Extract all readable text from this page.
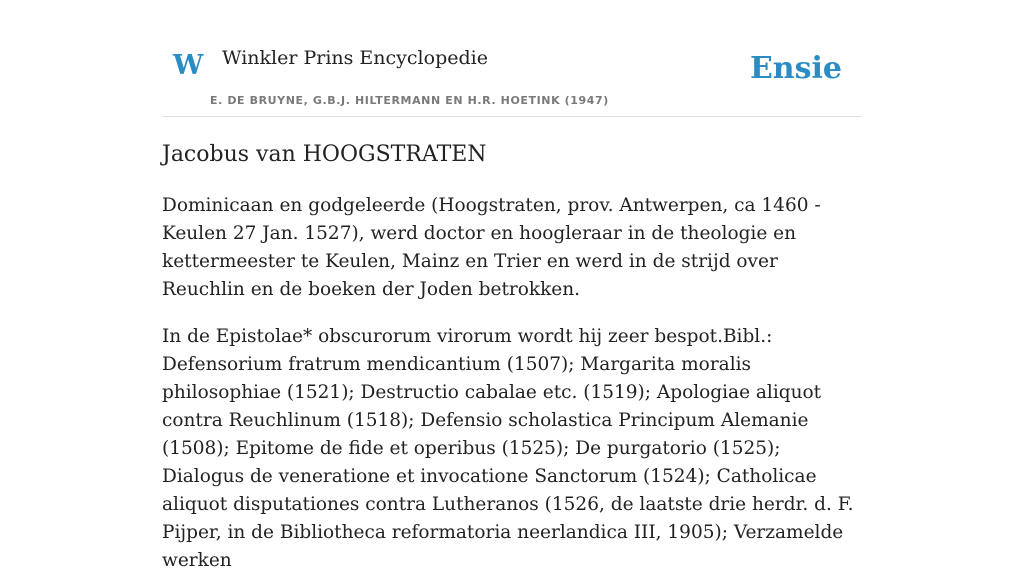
W Winkler Prins Encyclopedie
E. DE BRUYNE, G.B.J. HILTERMANN EN H.R. HOETINK (1947)
Ensie
Jacobus van HOOGSTRATEN

Dominicaan en godgeleerde (Hoogstraten, prov. Antwerpen, ca 1460 - Keulen 27 Jan. 1527), werd doctor en hoogleraar in de theologie en kettermeester te Keulen, Mainz en Trier en werd in de strijd over Reuchlin en de boeken der Joden betrokken.

In de Epistolae* obscurorum virorum wordt hij zeer bespot.Bibl.: Defensorium fratrum mendicantium (1507); Margarita moralis philosophiae (1521); Destructio cabalae etc. (1519); Apologiae aliquot contra Reuchlinum (1518); Defensio scholastica Principum Alemanie (1508); Epitome de fide et operibus (1525); De purgatorio (1525); Dialogus de veneratione et invocatione Sanctorum (1524); Catholicae aliquot disputationes contra Lutheranos (1526, de laatste drie herdr. d. F. Pijper, in de Bibliotheca reformatoria neerlandica III, 1905); Verzamelde werken
